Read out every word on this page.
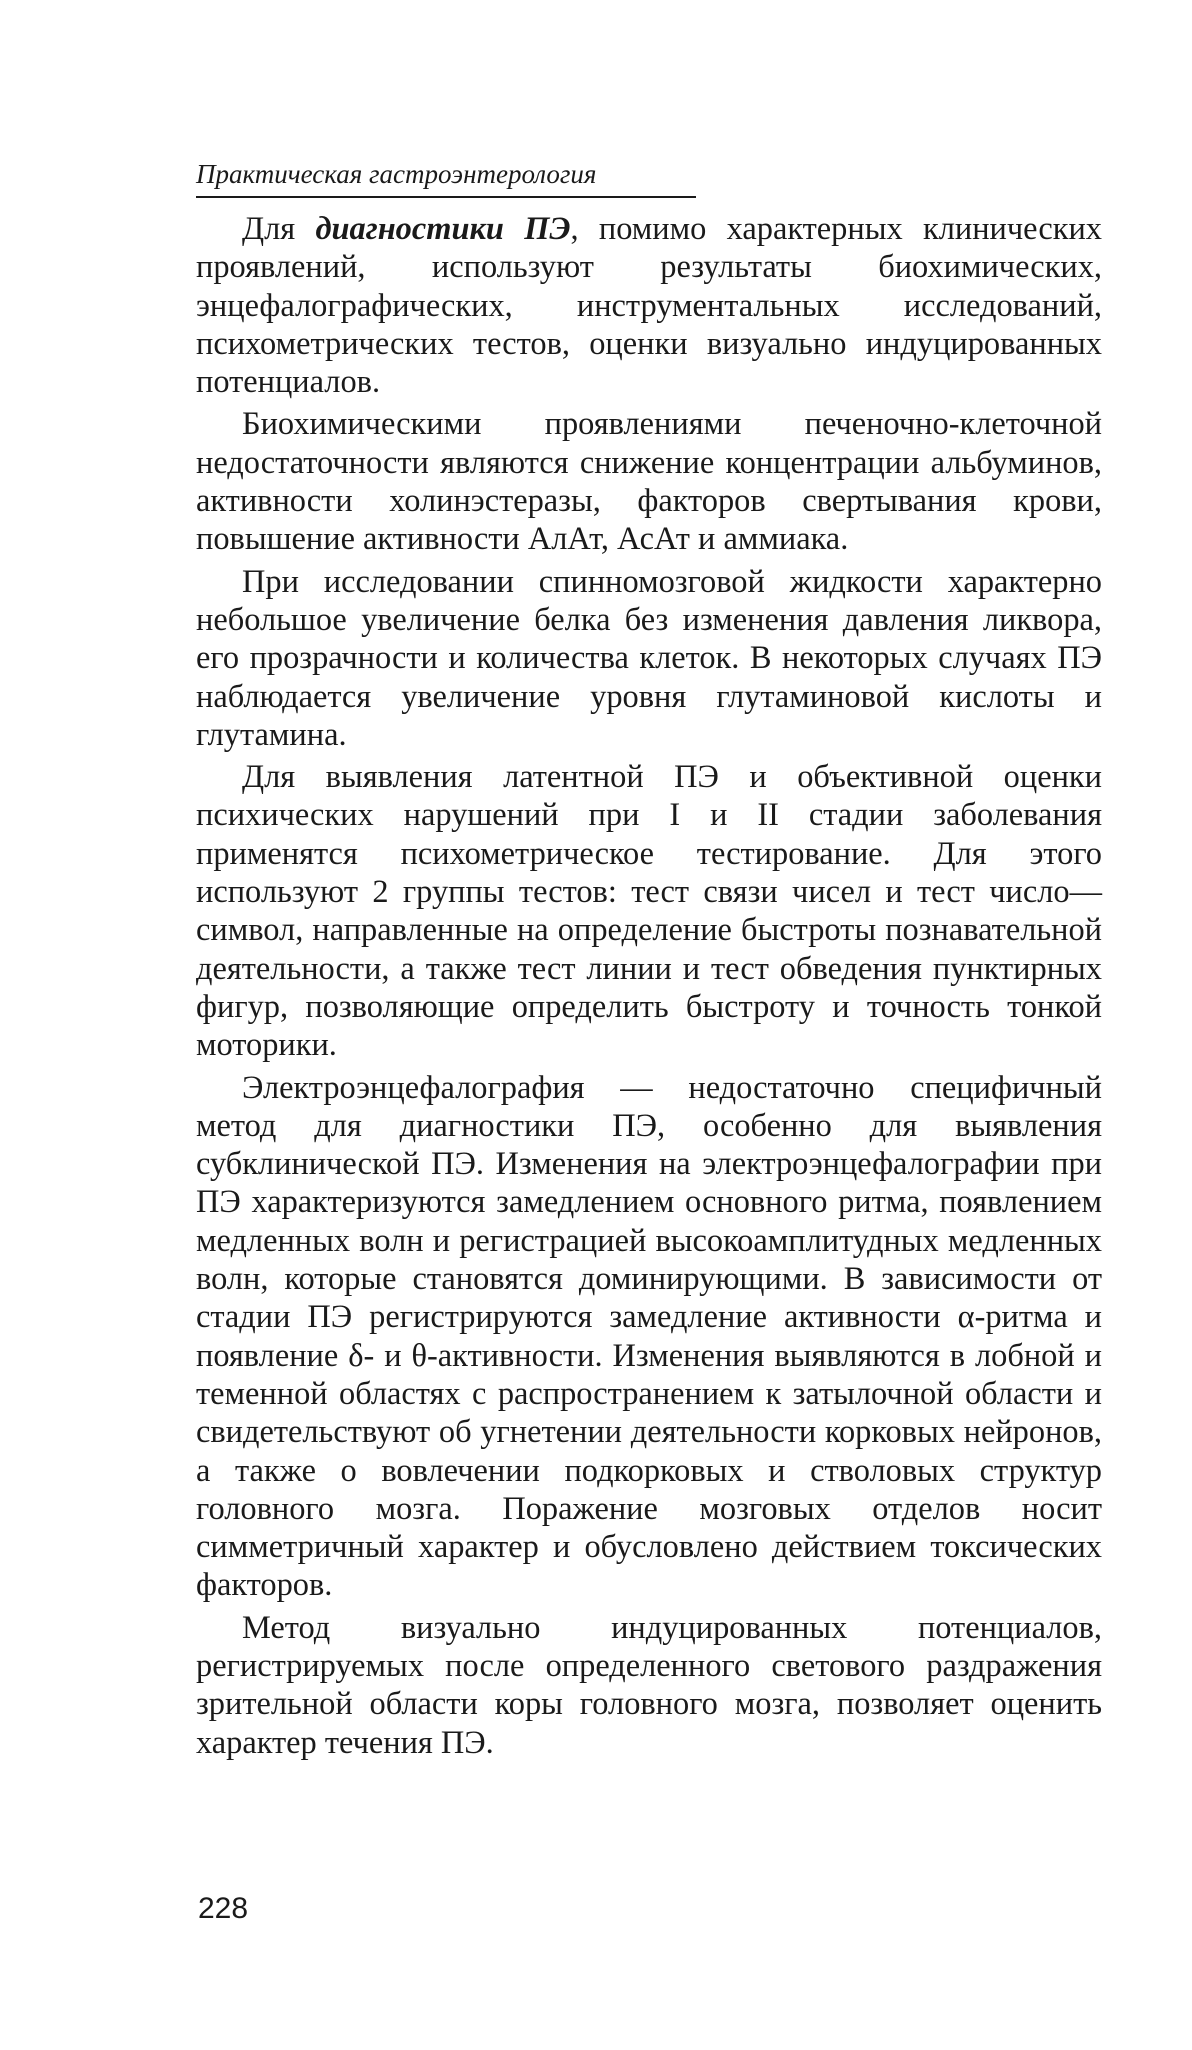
Практическая гастроэнтерология

Для диагностики ПЭ, помимо характерных клинических проявлений, используют результаты биохимических, энцефалографических, инструментальных исследований, психометрических тестов, оценки визуально индуцированных потенциалов.

Биохимическими проявлениями печеночно-клеточной недостаточности являются снижение концентрации альбуминов, активности холинэстеразы, факторов свертывания крови, повышение активности АлАт, АсАт и аммиака.

При исследовании спинномозговой жидкости характерно небольшое увеличение белка без изменения давления ликвора, его прозрачности и количества клеток. В некоторых случаях ПЭ наблюдается увеличение уровня глутаминовой кислоты и глутамина.

Для выявления латентной ПЭ и объективной оценки психических нарушений при I и II стадии заболевания применятся психометрическое тестирование. Для этого используют 2 группы тестов: тест связи чисел и тест число—символ, направленные на определение быстроты познавательной деятельности, а также тест линии и тест обведения пунктирных фигур, позволяющие определить быстроту и точность тонкой моторики.

Электроэнцефалография — недостаточно специфичный метод для диагностики ПЭ, особенно для выявления субклинической ПЭ. Изменения на электроэнцефалографии при ПЭ характеризуются замедлением основного ритма, появлением медленных волн и регистрацией высокоамплитудных медленных волн, которые становятся доминирующими. В зависимости от стадии ПЭ регистрируются замедление активности α-ритма и появление δ- и θ-активности. Изменения выявляются в лобной и теменной областях с распространением к затылочной области и свидетельствуют об угнетении деятельности корковых нейронов, а также о вовлечении подкорковых и стволовых структур головного мозга. Поражение мозговых отделов носит симметричный характер и обусловлено действием токсических факторов.

Метод визуально индуцированных потенциалов, регистрируемых после определенного светового раздражения зрительной области коры головного мозга, позволяет оценить характер течения ПЭ.

228
